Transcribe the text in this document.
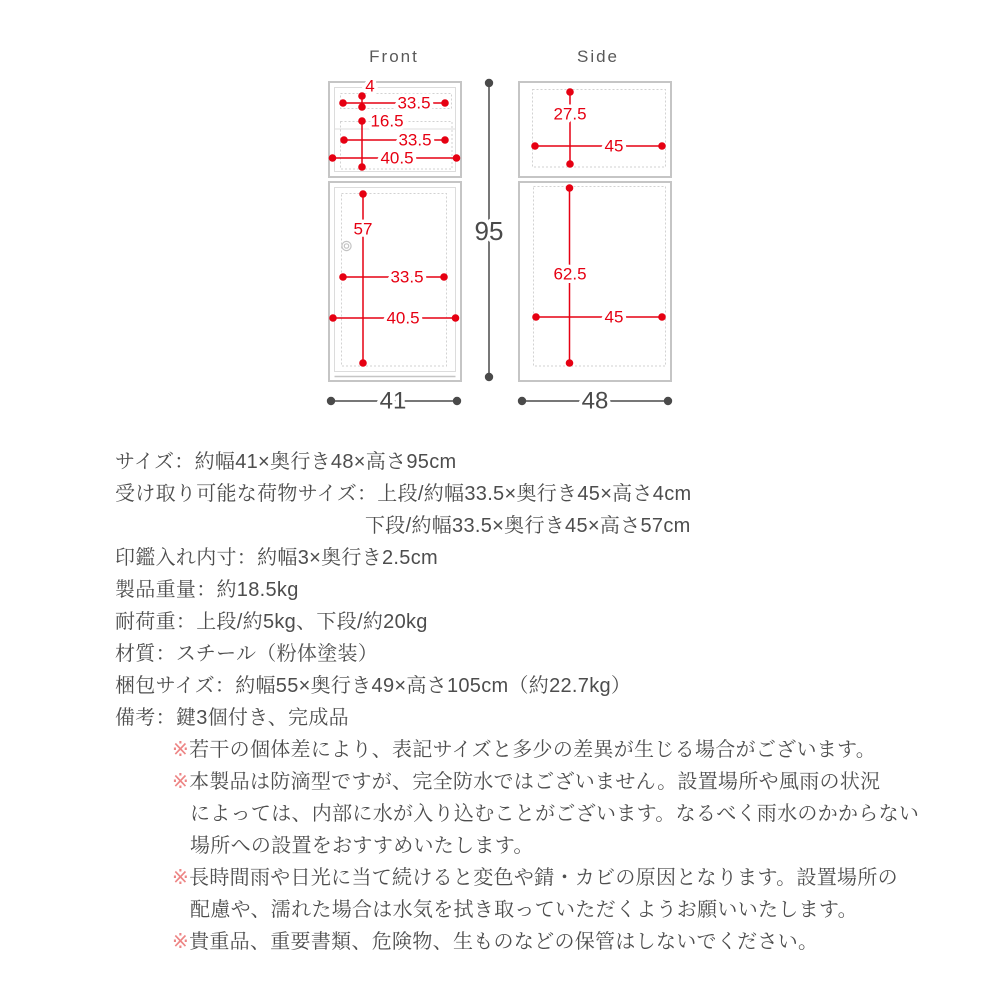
Front	Side
4
33.5
16.5
33.5
40.5
57
33.5
40.5
27.5
45
62.5
45
95
41	48
サイズ：約幅41×奥行き48×高さ95cm
受け取り可能な荷物サイズ：上段/約幅33.5×奥行き45×高さ4cm
下段/約幅33.5×奥行き45×高さ57cm
印鑑入れ内寸：約幅3×奥行き2.5cm
製品重量：約18.5kg
耐荷重：上段/約5kg、下段/約20kg
材質：スチール（粉体塗装）
梱包サイズ：約幅55×奥行き49×高さ105cm（約22.7kg）
備考：鍵3個付き、完成品
※若干の個体差により、表記サイズと多少の差異が生じる場合がございます。
※本製品は防滴型ですが、完全防水ではございません。設置場所や風雨の状況
によっては、内部に水が入り込むことがございます。なるべく雨水のかからない
場所への設置をおすすめいたします。
※長時間雨や日光に当て続けると変色や錆・カビの原因となります。設置場所の
配慮や、濡れた場合は水気を拭き取っていただくようお願いいたします。
※貴重品、重要書類、危険物、生ものなどの保管はしないでください。
